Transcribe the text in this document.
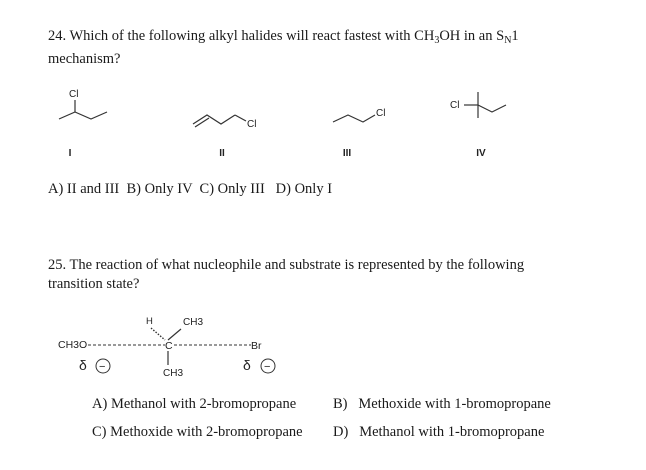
24. Which of the following alkyl halides will react fastest with $CH_3OH$ in an $S_N1$
mechanism?
Cl
I
Cl
II
Cl
III
Cl
IV
A) II and III  B) Only IV  C) Only III   D) Only I
25. The reaction of what nucleophile and substrate is represented by the following
transition state?
CH3O
H	CH3
C	Br
CH3
δ −	δ −
A) Methanol with 2-bromopropane	B) Methoxide with 1-bromopropane
C) Methoxide with 2-bromopropane D) Methanol with 1-bromopropane
